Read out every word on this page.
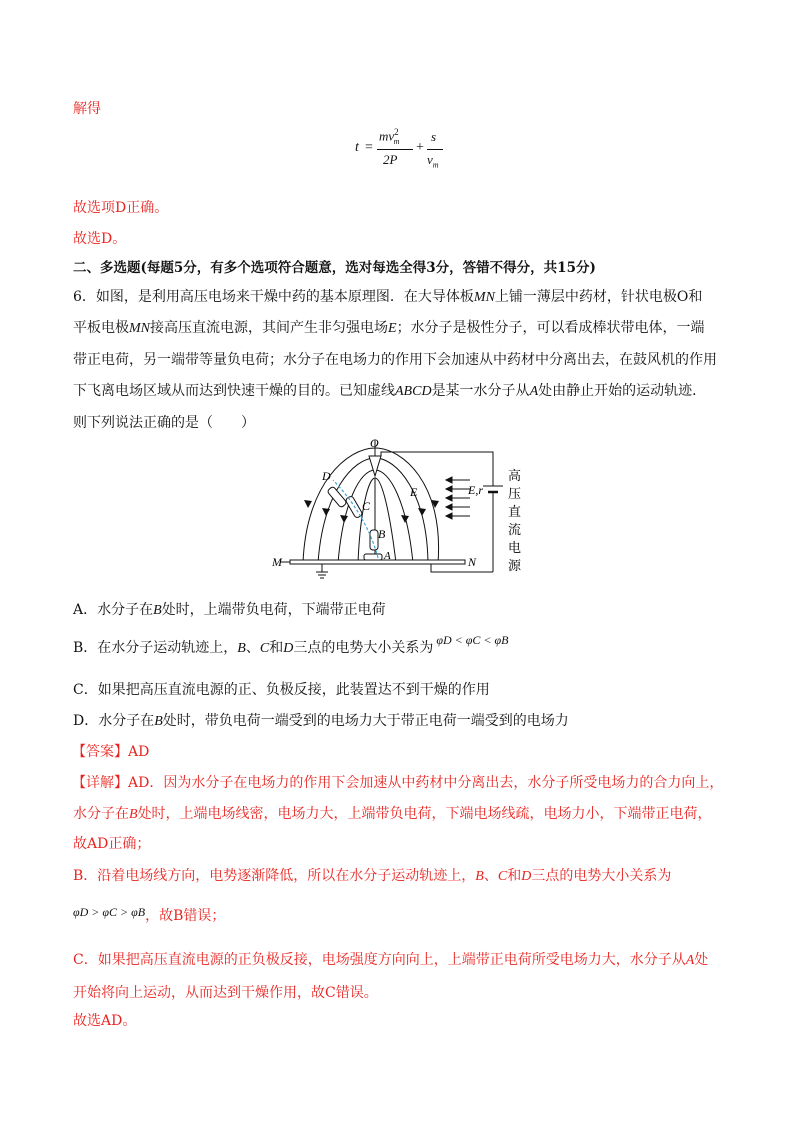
解得
t =
$mv^2_m$
2P
+
s
$v_m$
故选项D正确。
故选D。
二、多选题(每题5分，有多个选项符合题意，选对每选全得3分，答错不得分，共15分)
6．如图，是利用高压电场来干燥中药的基本原理图．在大导体板MN上铺一薄层中药材，针状电极O和
平板电极MN接高压直流电源，其间产生非匀强电场E；水分子是极性分子，可以看成棒状带电体，一端
带正电荷，另一端带等量负电荷；水分子在电场力的作用下会加速从中药材中分离出去，在鼓风机的作用
下飞离电场区域从而达到快速干燥的目的。已知虚线ABCD是某一水分子从A处由静止开始的运动轨迹．
则下列说法正确的是（　　）
O
D
C
B
A
E	E,r
M	N
高
压
直
流
电
源
A．水分子在B处时，上端带负电荷，下端带正电荷
B．在水分子运动轨迹上，B、C和D三点的电势大小关系为 φD < φC < φB
C．如果把高压直流电源的正、负极反接，此装置达不到干燥的作用
D．水分子在B处时，带负电荷一端受到的电场力大于带正电荷一端受到的电场力
【答案】AD
【详解】AD．因为水分子在电场力的作用下会加速从中药材中分离出去，水分子所受电场力的合力向上，
水分子在B处时，上端电场线密，电场力大，上端带负电荷，下端电场线疏，电场力小，下端带正电荷，
故AD正确；
B．沿着电场线方向，电势逐渐降低，所以在水分子运动轨迹上，B、C和D三点的电势大小关系为
φD > φC > φB，故B错误；
C．如果把高压直流电源的正负极反接，电场强度方向向上，上端带正电荷所受电场力大，水分子从A处
开始将向上运动，从而达到干燥作用，故C错误。
故选AD。
